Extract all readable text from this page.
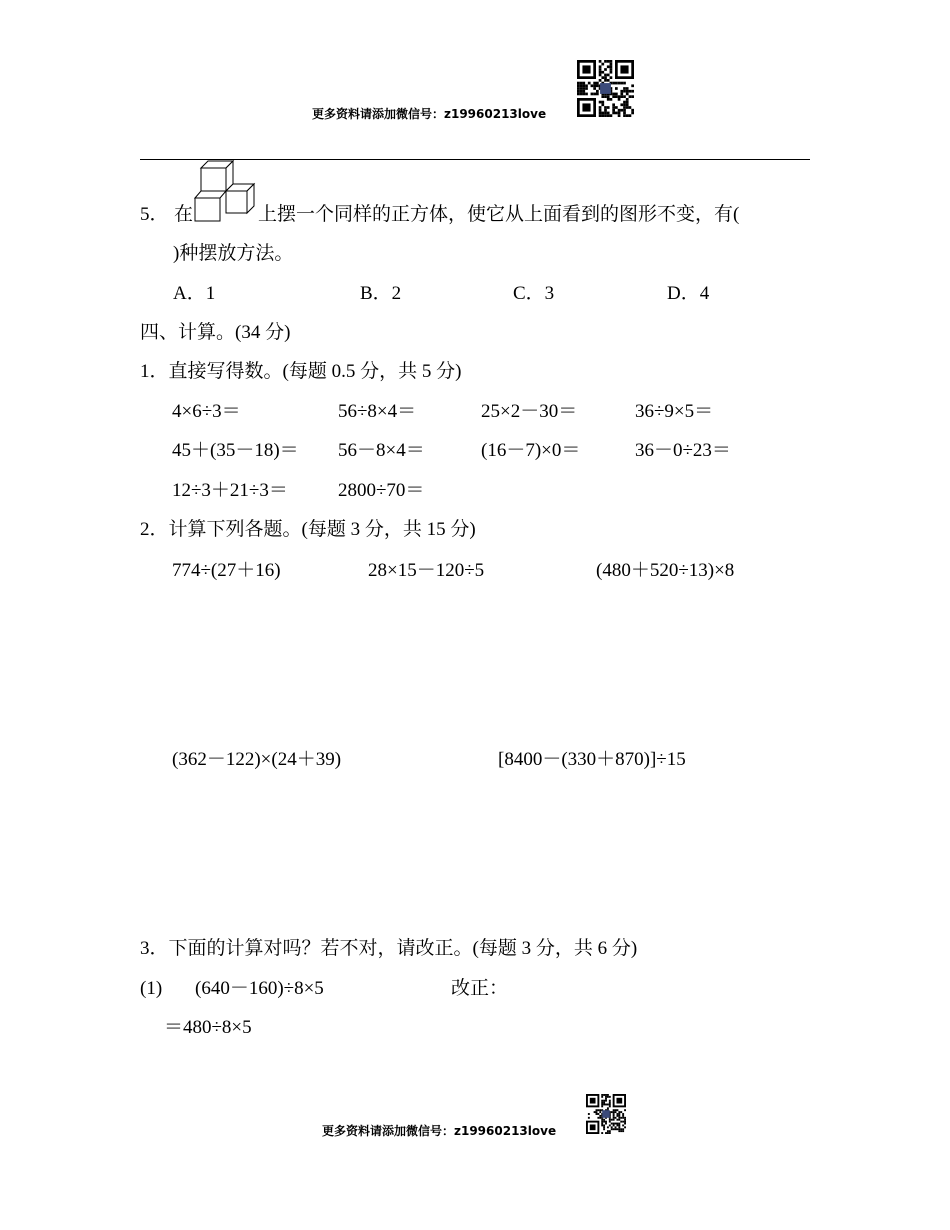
更多资料请添加微信号：z19960213love
5． 在	上摆一个同样的正方体，使它从上面看到的图形不变，有(
)种摆放方法。
A．1	B．2	C．3	D．4
四、计算。(34 分)
1．直接写得数。(每题 0.5 分，共 5 分)
4×6÷3＝	56÷8×4＝	25×2－30＝	36÷9×5＝
45＋(35－18)＝ 56－8×4＝	(16－7)×0＝	36－0÷23＝
12÷3＋21÷3＝	2800÷70＝
2．计算下列各题。(每题 3 分，共 15 分)
774÷(27＋16)	28×15－120÷5	(480＋520÷13)×8
(362－122)×(24＋39)	[8400－(330＋870)]÷15
3．下面的计算对吗？若不对，请改正。(每题 3 分，共 6 分)
(1) (640－160)÷8×5	改正：
＝480÷8×5
更多资料请添加微信号：z19960213love
